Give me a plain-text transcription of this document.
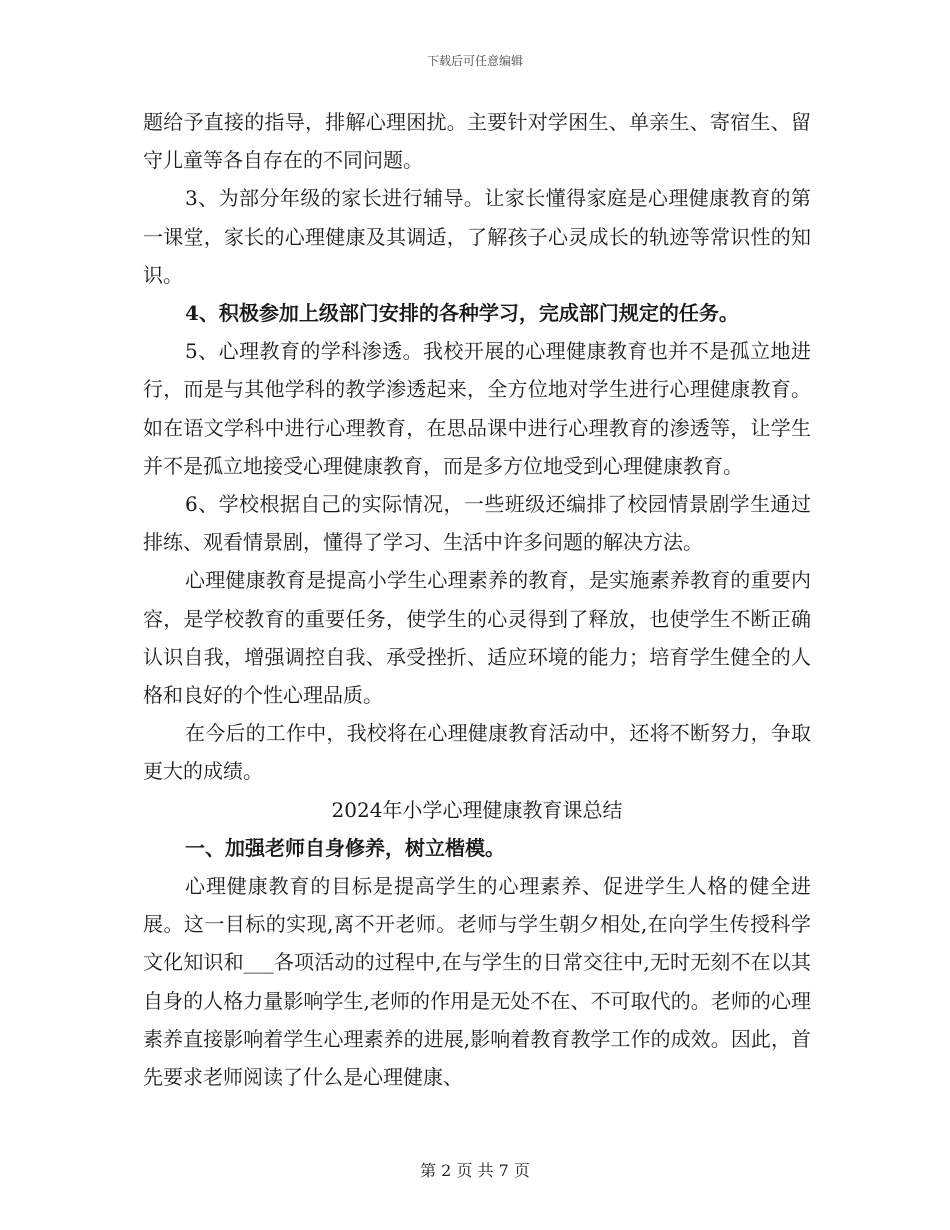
下载后可任意编辑

题给予直接的指导，排解心理困扰。主要针对学困生、单亲生、寄宿生、留守儿童等各自存在的不同问题。

3、为部分年级的家长进行辅导。让家长懂得家庭是心理健康教育的第一课堂，家长的心理健康及其调适，了解孩子心灵成长的轨迹等常识性的知识。

4、积极参加上级部门安排的各种学习，完成部门规定的任务。

5、心理教育的学科渗透。我校开展的心理健康教育也并不是孤立地进行，而是与其他学科的教学渗透起来，全方位地对学生进行心理健康教育。如在语文学科中进行心理教育，在思品课中进行心理教育的渗透等，让学生并不是孤立地接受心理健康教育，而是多方位地受到心理健康教育。

6、学校根据自己的实际情况，一些班级还编排了校园情景剧学生通过排练、观看情景剧，懂得了学习、生活中许多问题的解决方法。

心理健康教育是提高小学生心理素养的教育，是实施素养教育的重要内容，是学校教育的重要任务，使学生的心灵得到了释放，也使学生不断正确认识自我，增强调控自我、承受挫折、适应环境的能力；培育学生健全的人格和良好的个性心理品质。

在今后的工作中，我校将在心理健康教育活动中，还将不断努力，争取更大的成绩。

2024年小学心理健康教育课总结

一、加强老师自身修养，树立楷模。

心理健康教育的目标是提高学生的心理素养、促进学生人格的健全进展。这一目标的实现,离不开老师。老师与学生朝夕相处,在向学生传授科学文化知识和___各项活动的过程中,在与学生的日常交往中,无时无刻不在以其自身的人格力量影响学生,老师的作用是无处不在、不可取代的。老师的心理素养直接影响着学生心理素养的进展,影响着教育教学工作的成效。因此，首先要求老师阅读了什么是心理健康、

第 2 页 共 7 页
